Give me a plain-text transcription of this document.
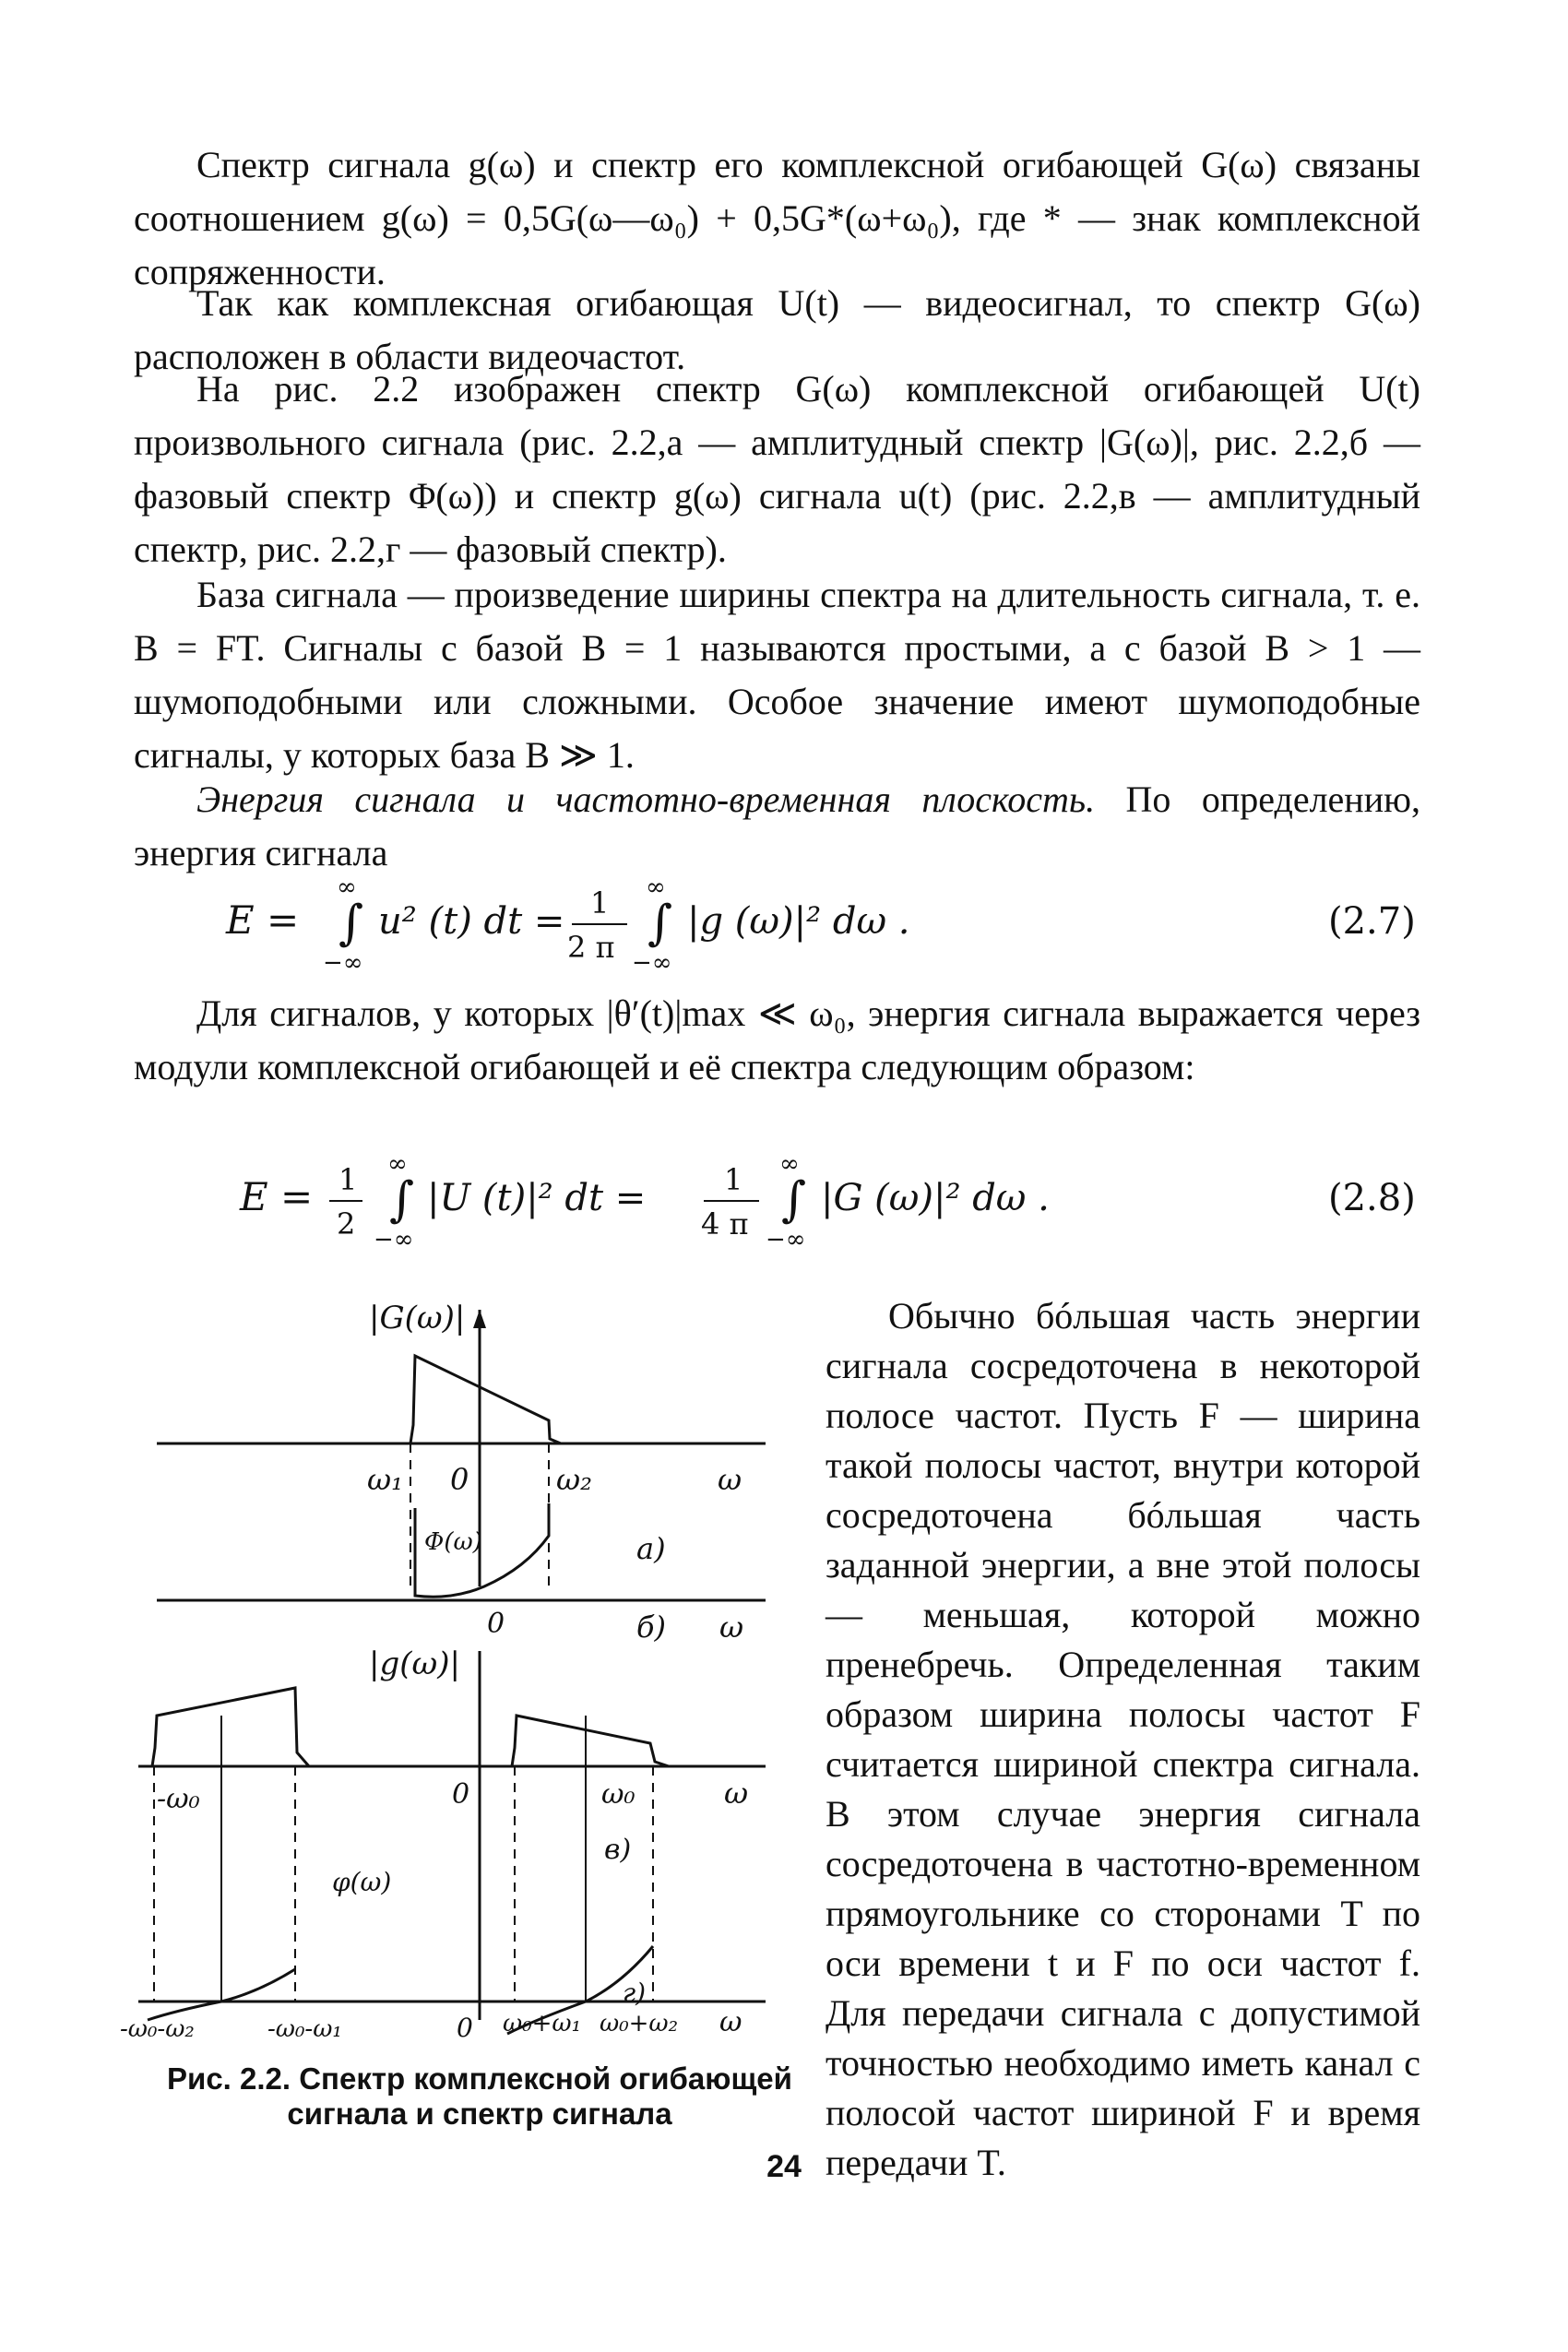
Спектр сигнала g(ω) и спектр его комплексной огибающей G(ω) связаны соотношением g(ω) = 0,5G(ω—ω₀) + 0,5G*(ω+ω₀), где * — знак комплексной сопряженности.

Так как комплексная огибающая U(t) — видеосигнал, то спектр G(ω) расположен в области видеочастот.

На рис. 2.2 изображен спектр G(ω) комплексной огибающей U(t) произвольного сигнала (рис. 2.2,а — амплитудный спектр |G(ω)|, рис. 2.2,б — фазовый спектр Φ(ω)) и спектр g(ω) сигнала u(t) (рис. 2.2,в — амплитудный спектр, рис. 2.2,г — фазовый спектр).

База сигнала — произведение ширины спектра на длительность сигнала, т. е. B = FT. Сигналы с базой B = 1 называются простыми, а с базой B > 1 — шумоподобными или сложными. Особое значение имеют шумоподобные сигналы, у которых база B ≫ 1.

Энергия сигнала и частотно-временная плоскость. По определению, энергия сигнала

E =
∞
∫
−∞
u² (t) dt = 1
2 π
∞
∫
−∞
|g (ω)|² dω .	(2.7)

Для сигналов, у которых |θ′(t)|max ≪ ω₀, энергия сигнала выражается через модули комплексной огибающей и её спектра следующим образом:

E = 1
2
∞
∫
−∞
|U (t)|² dt =	1
4 π
∞
∫
−∞
|G (ω)|² dω .	(2.8)
|G(ω)|
ω₁ 0	ω₂	ω
Φ(ω)	а)
0	б) ω
|g(ω)|
-ω₀	0	ω₀	ω
φ(ω)
в)
-ω₀-ω₂	-ω₀-ω₁	0	ω₀+ω₂ ω
ω₀+ω₁
г)

Обычно бóльшая часть энергии сигнала сосредоточена в некоторой полосе частот. Пусть F — ширина такой полосы частот, внутри которой сосредоточена бóльшая часть заданной энергии, а вне этой полосы — меньшая, которой можно пренебречь. Определенная таким образом ширина полосы частот F считается шириной спектра сигнала. В этом случае энергия сигнала сосредоточена в частотно-временном прямоугольнике со сторонами T по оси времени t и F по оси частот f. Для передачи сигнала с допустимой точностью необходимо иметь канал с полосой частот шириной F и время передачи T.

Рис. 2.2. Спектр комплексной огибающей сигнала и спектр сигнала
24
